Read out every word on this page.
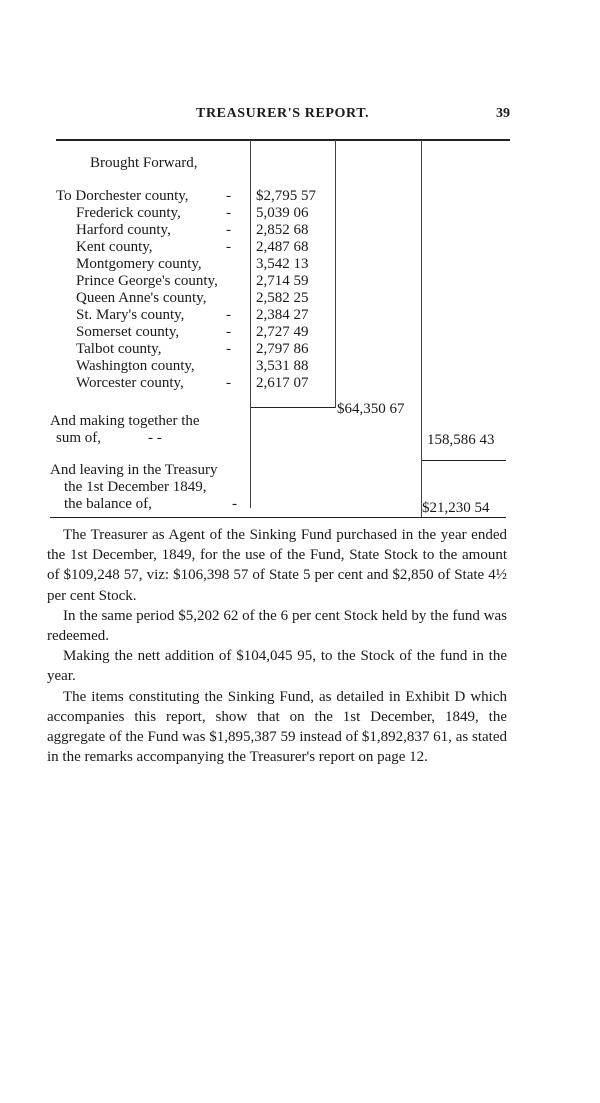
TREASURER'S REPORT.	39
Brought Forward,
To Dorchester county, - $2,795 57
Frederick county,	- 5,039 06
Harford county,	- 2,852 68
Kent county,	- 2,487 68
Montgomery county,	3,542 13
Prince George's county,	2,714 59
Queen Anne's county,	2,582 25
St. Mary's county,	- 2,384 27
Somerset county,	- 2,727 49
Talbot county,	- 2,797 86
Washington county,	3,531 88
Worcester county,	- 2,617 07
$64,350 67
And making together the
sum of,	- -	158,586 43
And leaving in the Treasury
the 1st December 1849,
the balance of,	-	$21,230 54

The Treasurer as Agent of the Sinking Fund purchased in the year ended the 1st December, 1849, for the use of the Fund, State Stock to the amount of $109,248 57, viz: $106,398 57 of State 5 per cent and $2,850 of State 4½ per cent Stock.

In the same period $5,202 62 of the 6 per cent Stock held by the fund was redeemed.

Making the nett addition of $104,045 95, to the Stock of the fund in the year.

The items constituting the Sinking Fund, as detailed in Exhibit D which accompanies this report, show that on the 1st December, 1849, the aggregate of the Fund was $1,895,387 59 instead of $1,892,837 61, as stated in the remarks accompanying the Treasurer's report on page 12.
